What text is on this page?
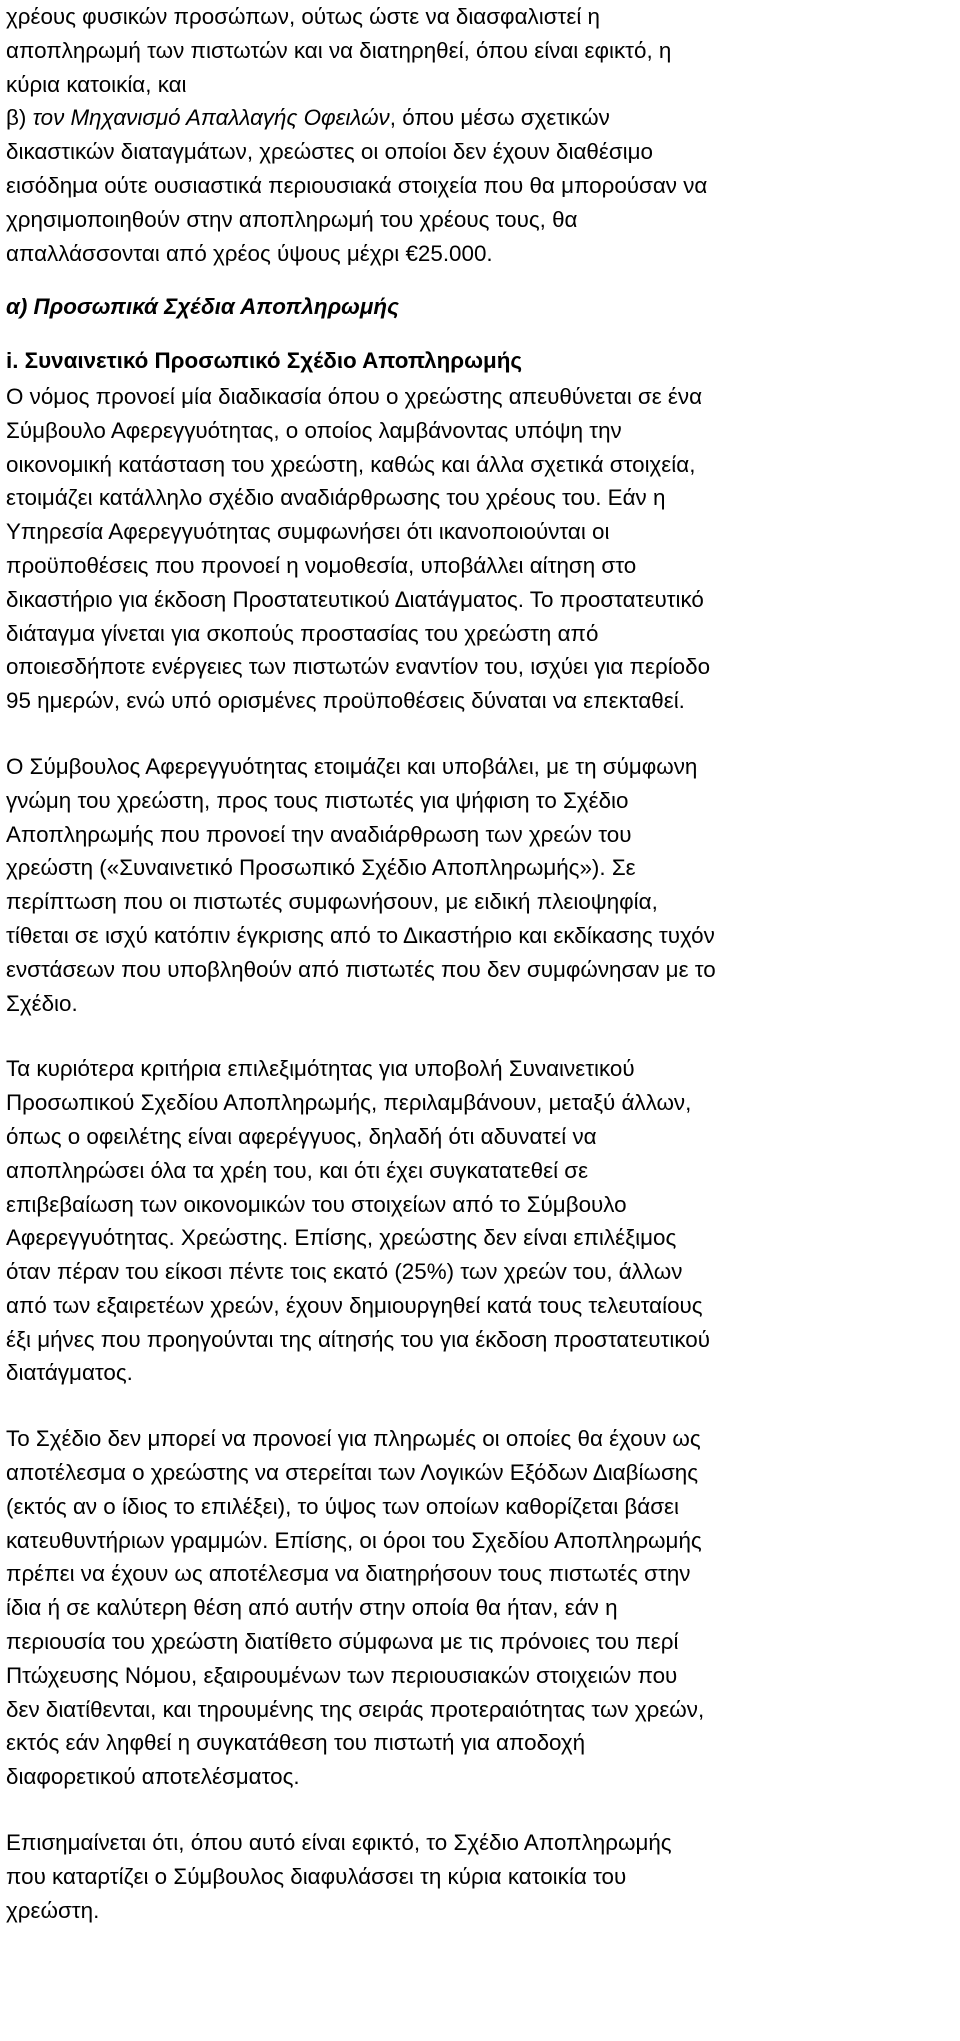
χρέους φυσικών προσώπων, ούτως ώστε να διασφαλιστεί η
αποπληρωμή των πιστωτών και να διατηρηθεί, όπου είναι εφικτό, η
κύρια κατοικία, και
β) τον Μηχανισμό Απαλλαγής Οφειλών, όπου μέσω σχετικών
δικαστικών διαταγμάτων, χρεώστες οι οποίοι δεν έχουν διαθέσιμο
εισόδημα ούτε ουσιαστικά περιουσιακά στοιχεία που θα μπορούσαν να
χρησιμοποιηθούν στην αποπληρωμή του χρέους τους, θα
απαλλάσσονται από χρέος ύψους μέχρι €25.000.
α) Προσωπικά Σχέδια Αποπληρωμής
i. Συναινετικό Προσωπικό Σχέδιο Αποπληρωμής
Ο νόμος προνοεί μία διαδικασία όπου ο χρεώστης απευθύνεται σε ένα
Σύμβουλο Αφερεγγυότητας, ο οποίος λαμβάνοντας υπόψη την
οικονομική κατάσταση του χρεώστη, καθώς και άλλα σχετικά στοιχεία,
ετοιμάζει κατάλληλο σχέδιο αναδιάρθρωσης του χρέους του. Εάν η
Υπηρεσία Αφερεγγυότητας συμφωνήσει ότι ικανοποιούνται οι
προϋποθέσεις που προνοεί η νομοθεσία, υποβάλλει αίτηση στο
δικαστήριο για έκδοση Προστατευτικού Διατάγματος. Το προστατευτικό
διάταγμα γίνεται για σκοπούς προστασίας του χρεώστη από
οποιεσδήποτε ενέργειες των πιστωτών εναντίον του, ισχύει για περίοδο
95 ημερών, ενώ υπό ορισμένες προϋποθέσεις δύναται να επεκταθεί.
Ο Σύμβουλος Αφερεγγυότητας ετοιμάζει και υποβάλει, με τη σύμφωνη
γνώμη του χρεώστη, προς τους πιστωτές για ψήφιση το Σχέδιο
Αποπληρωμής που προνοεί την αναδιάρθρωση των χρεών του
χρεώστη («Συναινετικό Προσωπικό Σχέδιο Αποπληρωμής»). Σε
περίπτωση που οι πιστωτές συμφωνήσουν, με ειδική πλειοψηφία,
τίθεται σε ισχύ κατόπιν έγκρισης από το Δικαστήριο και εκδίκασης τυχόν
ενστάσεων που υποβληθούν από πιστωτές που δεν συμφώνησαν με το
Σχέδιο.
Τα κυριότερα κριτήρια επιλεξιμότητας για υποβολή Συναινετικού
Προσωπικού Σχεδίου Αποπληρωμής, περιλαμβάνουν, μεταξύ άλλων,
όπως ο οφειλέτης είναι αφερέγγυος, δηλαδή ότι αδυνατεί να
αποπληρώσει όλα τα χρέη του, και ότι έχει συγκατατεθεί σε
επιβεβαίωση των οικονομικών του στοιχείων από το Σύμβουλο
Αφερεγγυότητας. Χρεώστης. Επίσης, χρεώστης δεν είναι επιλέξιμος
όταν πέραν του είκοσι πέντε τοις εκατό (25%) των χρεώv του, άλλων
από των εξαιρετέων χρεών, έχουν δημιουργηθεί κατά τους τελευταίους
έξι μήνες που προηγούνται της αίτησής του για έκδοση προστατευτικού
διατάγματος.
Το Σχέδιο δεν μπορεί να προνοεί για πληρωμές οι οποίες θα έχουν ως
αποτέλεσμα ο χρεώστης να στερείται των Λογικών Εξόδων Διαβίωσης
(εκτός αν ο ίδιος το επιλέξει), το ύψος των οποίων καθορίζεται βάσει
κατευθυντήριων γραμμών. Επίσης, οι όροι του Σχεδίου Αποπληρωμής
πρέπει να έχουν ως αποτέλεσμα να διατηρήσουν τους πιστωτές στην
ίδια ή σε καλύτερη θέση από αυτήν στην οποία θα ήταν, εάν η
περιουσία του χρεώστη διατίθετο σύμφωνα με τις πρόνοιες του περί
Πτώχευσης Νόμου, εξαιρουμένων των περιουσιακών στοιχειών που
δεν διατίθενται, και τηρουμένης της σειράς προτεραιότητας των χρεών,
εκτός εάν ληφθεί η συγκατάθεση του πιστωτή για αποδοχή
διαφορετικού αποτελέσματος.
Επισημαίνεται ότι, όπου αυτό είναι εφικτό, το Σχέδιο Αποπληρωμής
που καταρτίζει ο Σύμβουλος διαφυλάσσει τη κύρια κατοικία του
χρεώστη.
